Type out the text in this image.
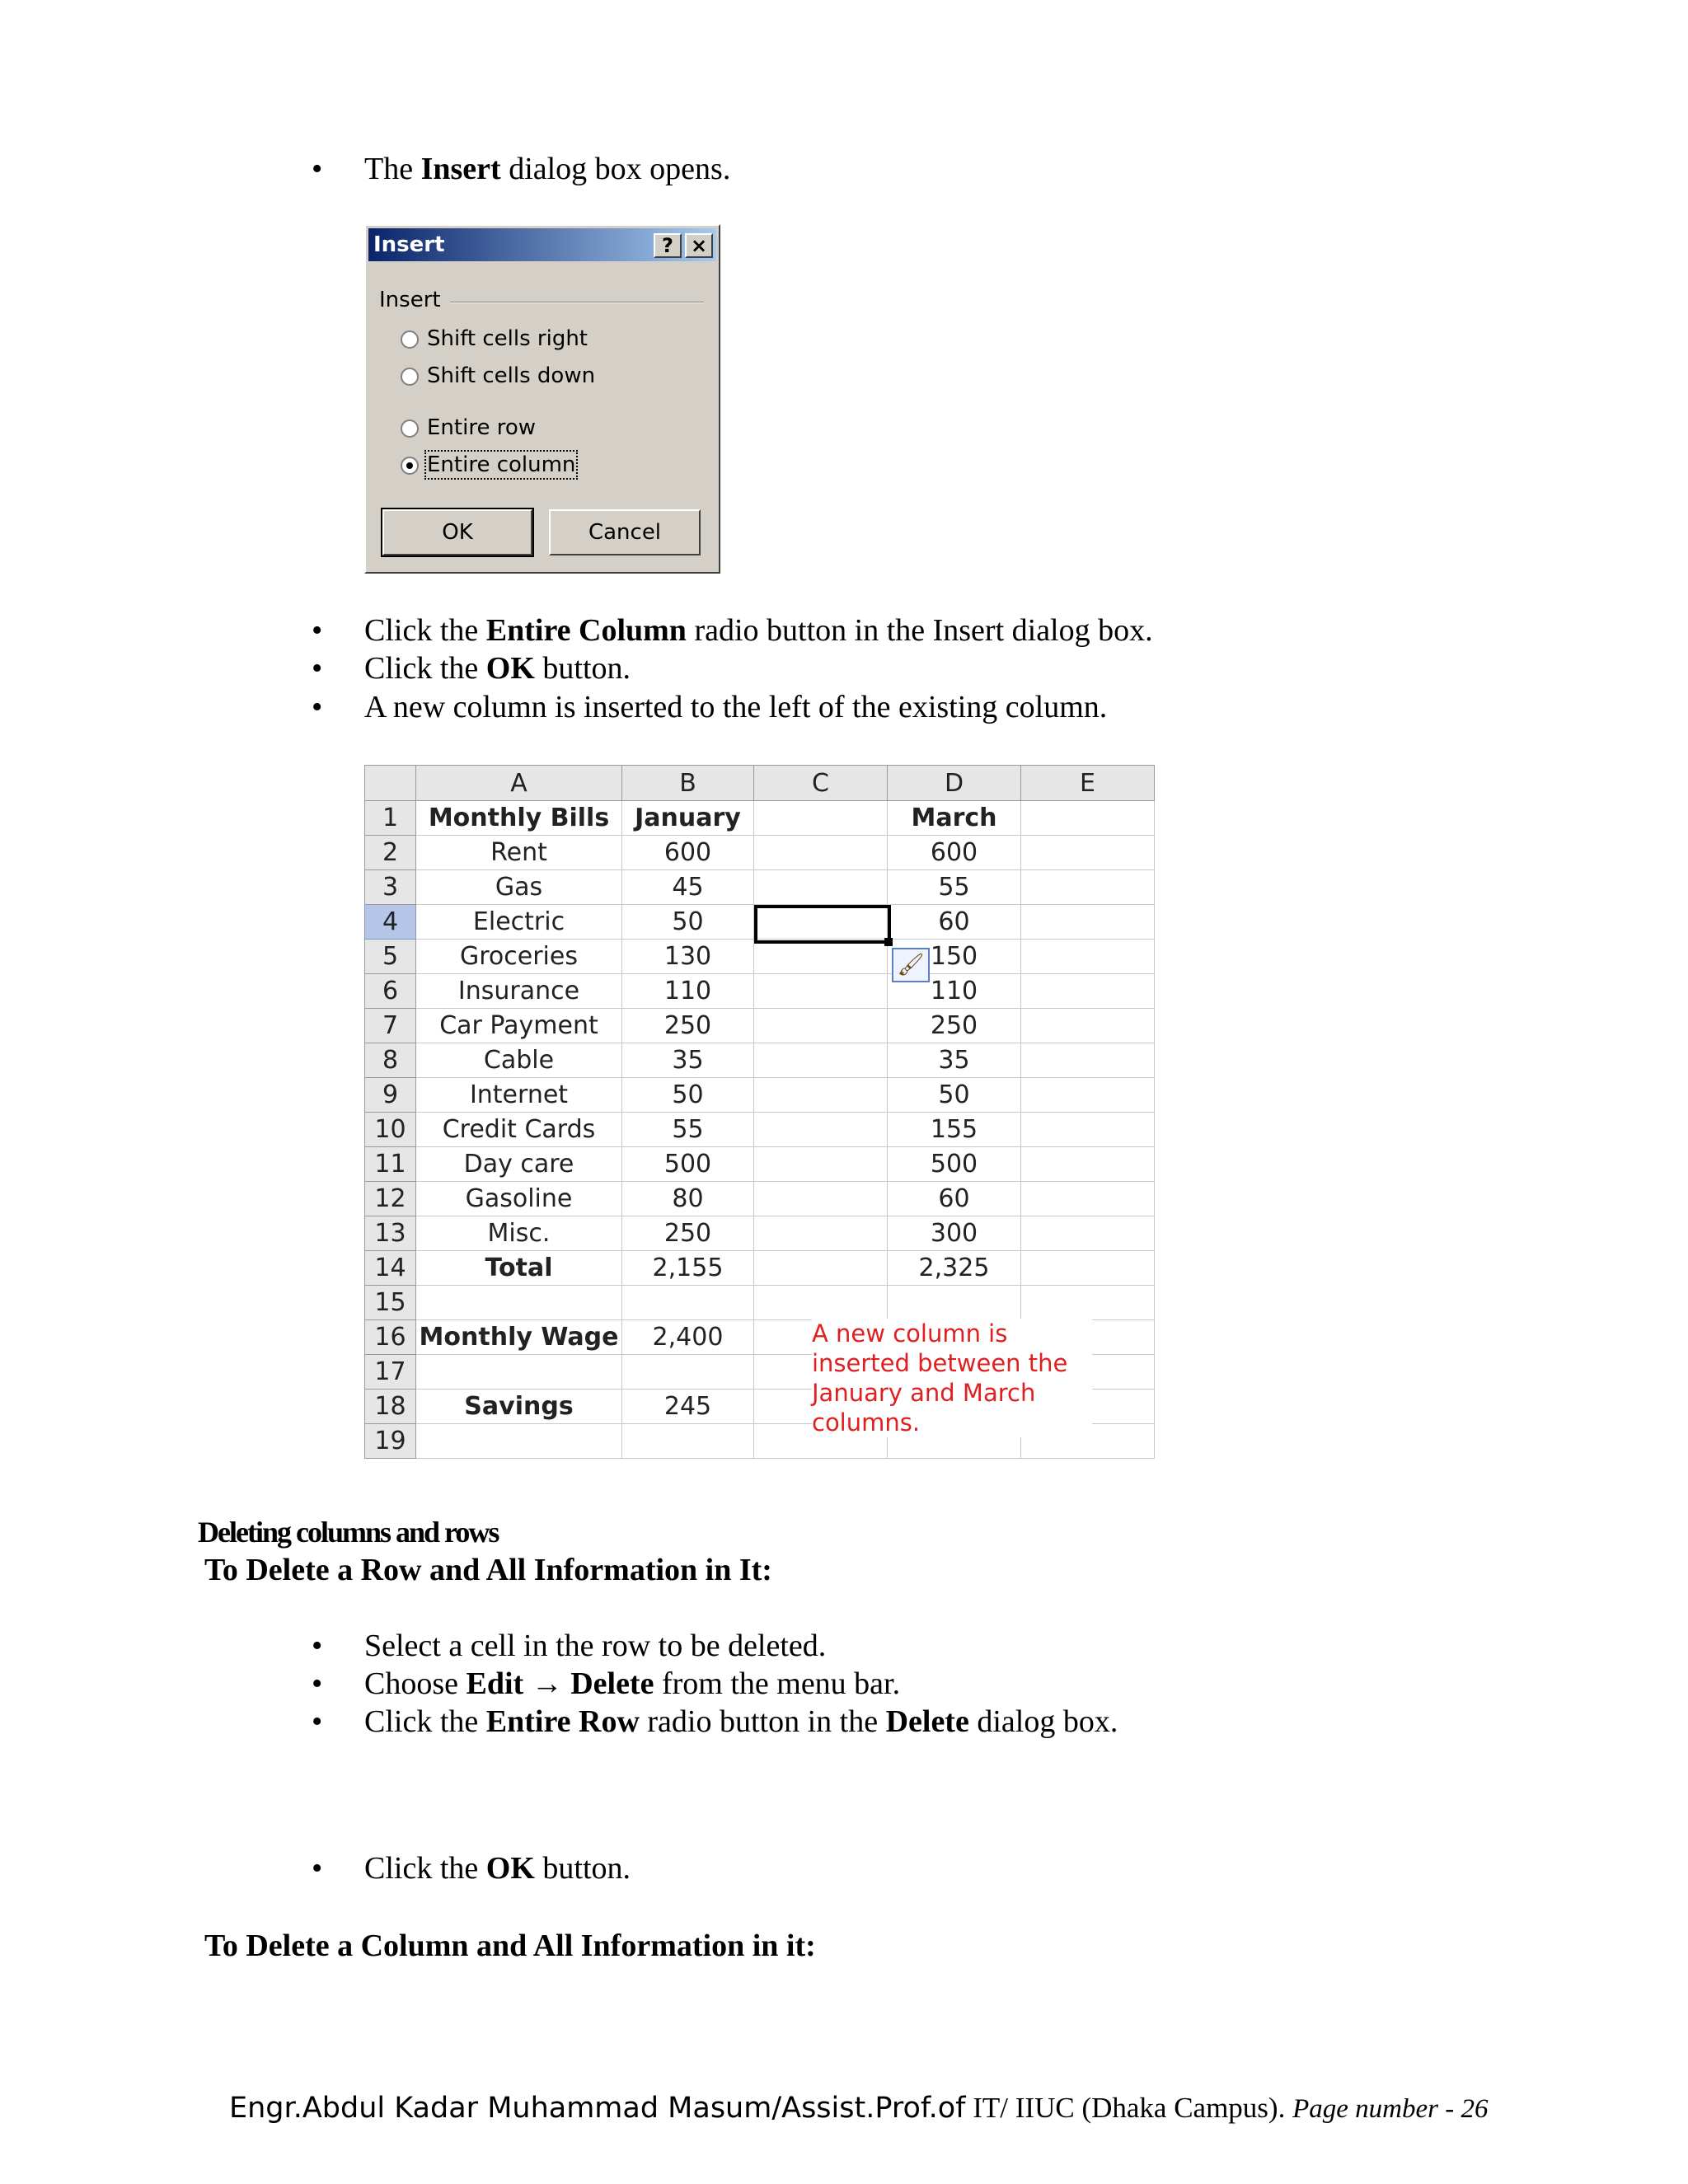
• The Insert dialog box opens.
Insert	? ×
Insert
Shift cells right
Shift cells down
Entire row
Entire column
OK	Cancel
• Click the Entire Column radio button in the Insert dialog box.
• Click the OK button.
• A new column is inserted to the left of the existing column.
	A	B	C	D	E
1	Monthly Bills	January		March	
2	Rent	600		600	
3	Gas	45		55	
4	Electric	50		60	
5	Groceries	130		150	
6	Insurance	110		110	
7	Car Payment	250		250	
8	Cable	35		35	
9	Internet	50		50	
10	Credit Cards	55		155	
11	Day care	500		500	
12	Gasoline	80		60	
13	Misc.	250		300	
14	Total	2,155		2,325	
15					
16	Monthly Wage	2,400			
17					
18	Savings	245			
19					
🖌
A new column is inserted between the January and March columns.
Deleting columns and rows
To Delete a Row and All Information in It:
• Select a cell in the row to be deleted.
• Choose Edit → Delete from the menu bar.
• Click the Entire Row radio button in the Delete dialog box.
• Click the OK button.
To Delete a Column and All Information in it:
Engr.Abdul Kadar Muhammad Masum/Assist.Prof.of IT/ IIUC (Dhaka Campus). Page number - 26
